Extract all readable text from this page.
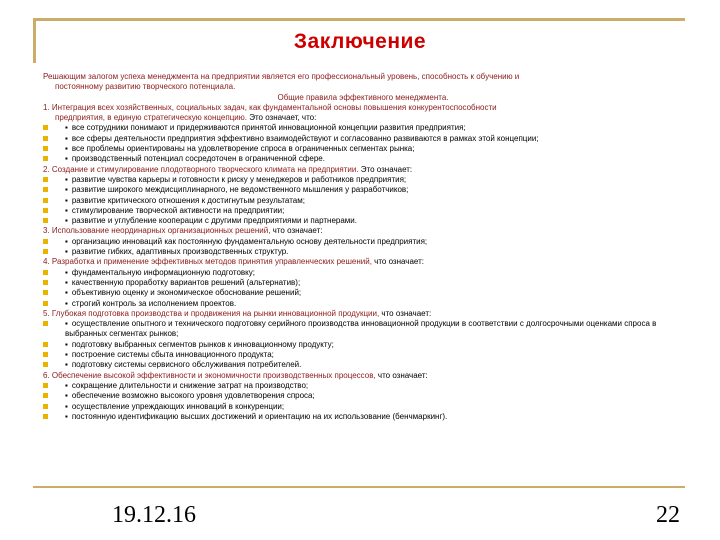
Заключение

Решающим залогом успеха менеджмента на предприятии является его профессиональный уровень, способность к обучению и
постоянному развитию творческого потенциала.

Общие правила эффективного менеджмента.

1. Интеграция всех хозяйственных, социальных задач, как фундаментальной основы повышения конкурентоспособности
предприятия, в единую стратегическую концепцию. Это означает, что:

▪ все сотрудники понимают и придерживаются принятой инновационной концепции развития предприятия;

▪ все сферы деятельности предприятия эффективно взаимодействуют и согласованно развиваются в рамках этой концепции;

▪ все проблемы ориентированы на удовлетворение спроса в ограниченных сегментах рынка;

▪ производственный потенциал сосредоточен в ограниченной сфере.

2. Создание и стимулирование плодотворного творческого климата на предприятии. Это означает:

▪ развитие чувства карьеры и готовности к риску у менеджеров и работников предприятия;

▪ развитие широкого междисциплинарного, не ведомственного мышления у разработчиков;

▪ развитие критического отношения к достигнутым результатам;

▪ стимулирование творческой активности на предприятии;

▪ развитие и углубление кооперации с другими предприятиями и партнерами.

3. Использование неординарных организационных решений, что означает:

▪ организацию инноваций как постоянную фундаментальную основу деятельности предприятия;

▪ развитие гибких, адаптивных производственных структур.

4. Разработка и применение эффективных методов принятия управленческих решений, что означает:

▪ фундаментальную информационную подготовку;

▪ качественную проработку вариантов решений (альтернатив);

▪ объективную оценку и экономическое обоснование решений;

▪ строгий контроль за исполнением проектов.

5. Глубокая подготовка производства и продвижения на рынки инновационной продукции, что означает:

▪ осуществление опытного и технического подготовку серийного производства инновационной продукции в соответствии с долгосрочными оценками спроса в выбранных сегментах рынков;

▪ подготовку выбранных сегментов рынков к инновационному продукту;

▪ построение системы сбыта инновационного продукта;

▪ подготовку системы сервисного обслуживания потребителей.

6. Обеспечение высокой эффективности и экономичности производственных процессов, что означает:

▪ сокращение длительности и снижение затрат на производство;

▪ обеспечение возможно высокого уровня удовлетворения спроса;

▪ осуществление упреждающих инноваций в конкуренции;

▪ постоянную идентификацию высших достижений и ориентацию на их использование (бенчмаркинг).

19.12.16	22
